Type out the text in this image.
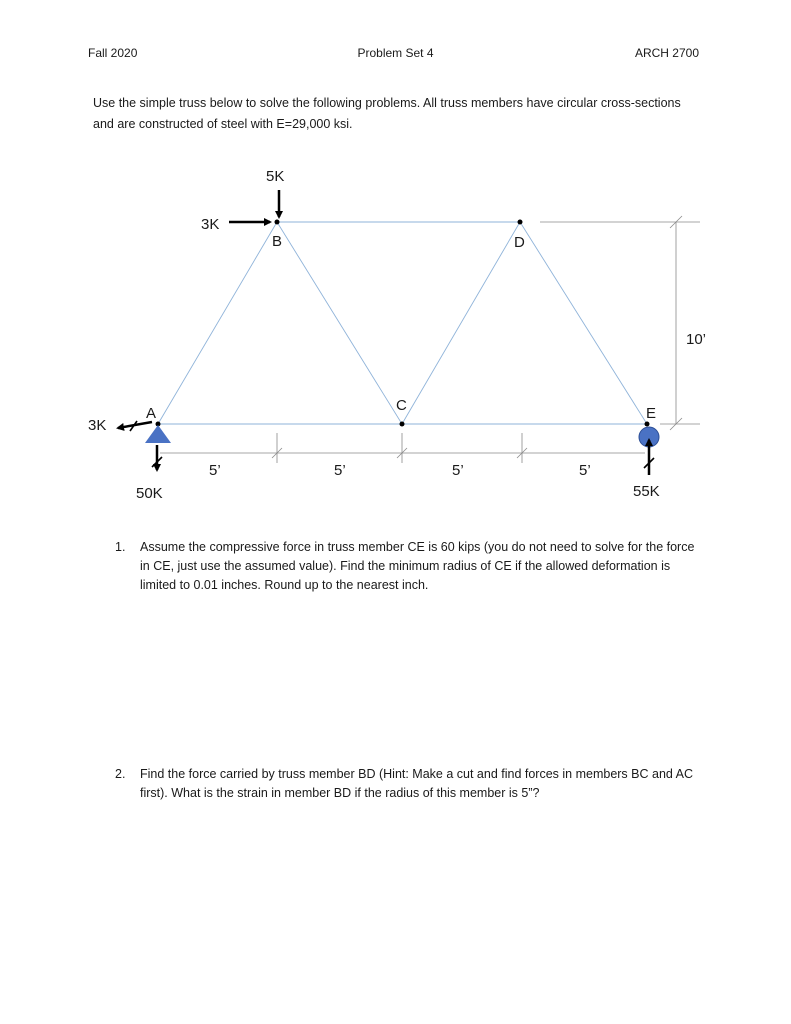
Fall 2020	Problem Set 4	ARCH 2700
Use the simple truss below to solve the following problems. All truss members have circular cross-sections and are constructed of steel with E=29,000 ksi.
A
B
C
D
E
5K
3K
3K
50K	55K
10’
5’	5’	5’	5’
1.	Assume the compressive force in truss member CE is 60 kips (you do not need to solve for the force in CE, just use the assumed value). Find the minimum radius of CE if the allowed deformation is limited to 0.01 inches. Round up to the nearest inch.
2.	Find the force carried by truss member BD (Hint: Make a cut and find forces in members BC and AC first). What is the strain in member BD if the radius of this member is 5”?
